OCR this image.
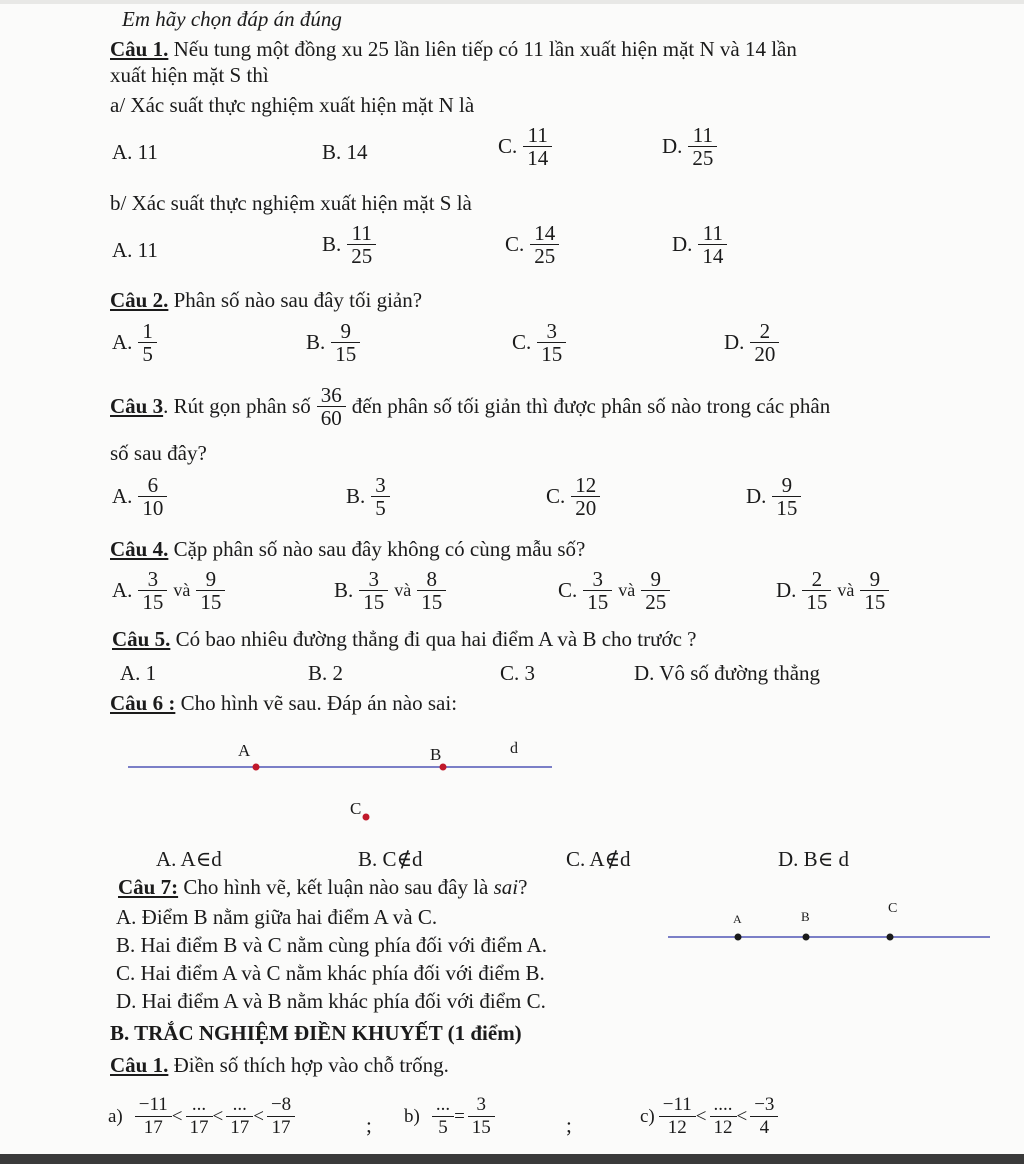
Em hãy chọn đáp án đúng
Câu 1. Nếu tung một đồng xu 25 lần liên tiếp có 11 lần xuất hiện mặt N và 14 lần
xuất hiện mặt S thì
a/ Xác suất thực nghiệm xuất hiện mặt N là
A. 11	B. 14	C. 11
14	D. 11
25
b/ Xác suất thực nghiệm xuất hiện mặt S là
A. 11	B. 11
25	C. 14
25	D. 11
14
Câu 2. Phân số nào sau đây tối giản?
A. 1
5	B. 9
15	C. 3
15	D. 2
20
Câu 3 . Rút gọn phân số 36
60 đến phân số tối giản thì được phân số nào trong các phân
số sau đây?
A. 6
10	B. 3
5	C. 12
20	D. 9
15
Câu 4. Cặp phân số nào sau đây không có cùng mẫu số?
A. 3
15 và 9
15	B. 3
15 và 8
15	C. 3
15 và 9
25	D. 2
15 và 9
15
Câu 5. Có bao nhiêu đường thẳng đi qua hai điểm A và B cho trước ?
A. 1	B. 2	C. 3	D. Vô số đường thẳng
Câu 6 : Cho hình vẽ sau. Đáp án nào sai:
A	B	d
C
A. A∈d	B. C∉d	C. A∉d	D. B∈ d
Câu 7: Cho hình vẽ, kết luận nào sau đây là sai?
A. Điểm B nằm giữa hai điểm A và C.
B. Hai điểm B và C nằm cùng phía đối với điểm A.
C. Hai điểm A và C nằm khác phía đối với điểm B.
D. Hai điểm A và B nằm khác phía đối với điểm C.
A	B
C
B. TRẮC NGHIỆM ĐIỀN KHUYẾT (1 điểm)
Câu 1. Điền số thích hợp vào chỗ trống.
a)
−11
17
<
...
17
<
...
17
<
−8
17	; b)
...
5
=
3
15	;	c)
−11
12
<
....
12
<
−3
4
